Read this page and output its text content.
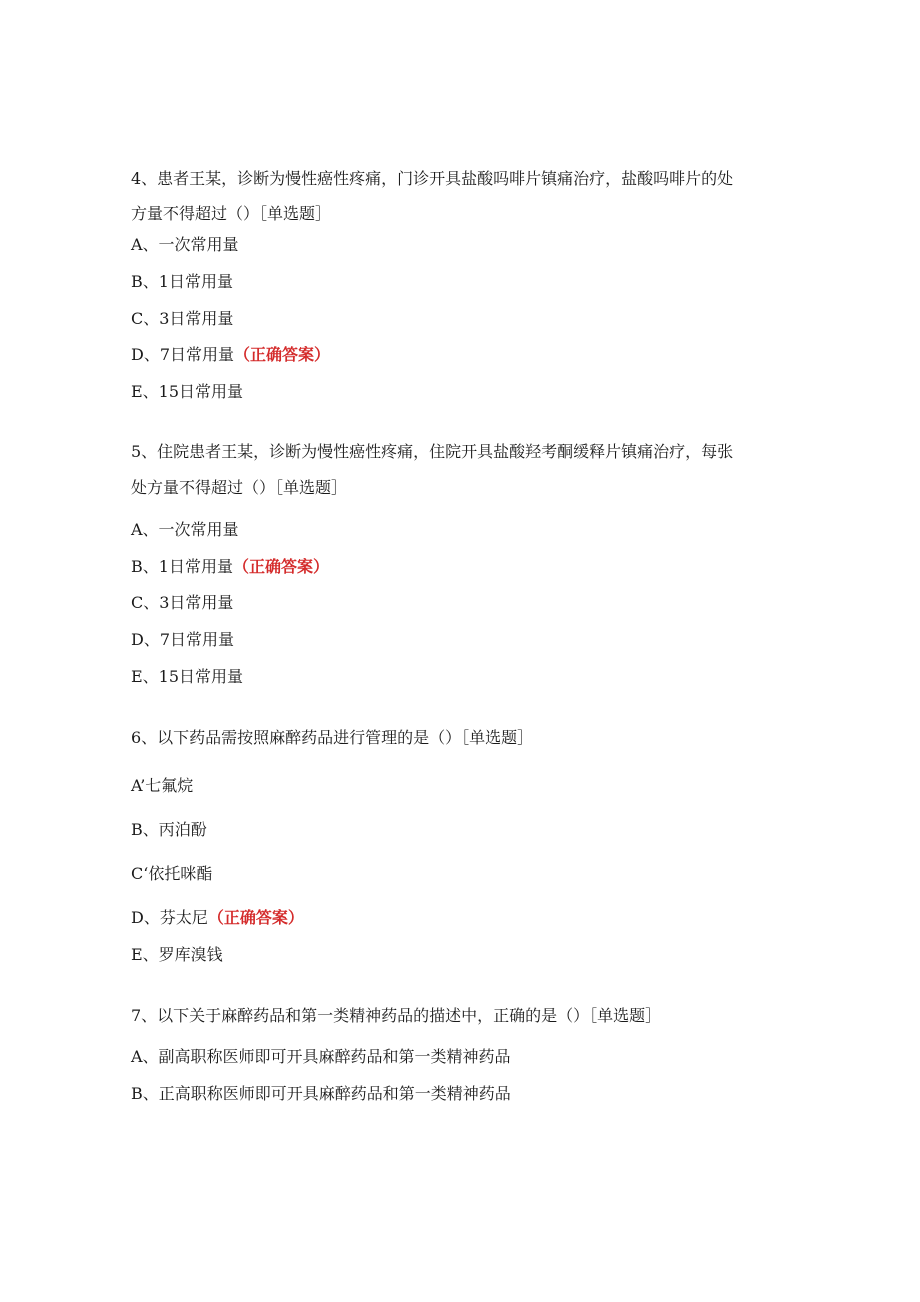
4、患者王某，诊断为慢性癌性疼痛，门诊开具盐酸吗啡片镇痛治疗，盐酸吗啡片的处
方量不得超过（）［单选题］
A、一次常用量
B、1日常用量
C、3日常用量
D、7日常用量（正确答案）
E、15日常用量
5、住院患者王某，诊断为慢性癌性疼痛，住院开具盐酸羟考酮缓释片镇痛治疗，每张
处方量不得超过（）［单选题］
A、一次常用量
B、1日常用量（正确答案）
C、3日常用量
D、7日常用量
E、15日常用量
6、以下药品需按照麻醉药品进行管理的是（）［单选题］
A’七氟烷
B、丙泊酚
C‘依托咪酯
D、芬太尼（正确答案）
E、罗库溴钱
7、以下关于麻醉药品和第一类精神药品的描述中，正确的是（）［单选题］
A、副高职称医师即可开具麻醉药品和第一类精神药品
B、正高职称医师即可开具麻醉药品和第一类精神药品
